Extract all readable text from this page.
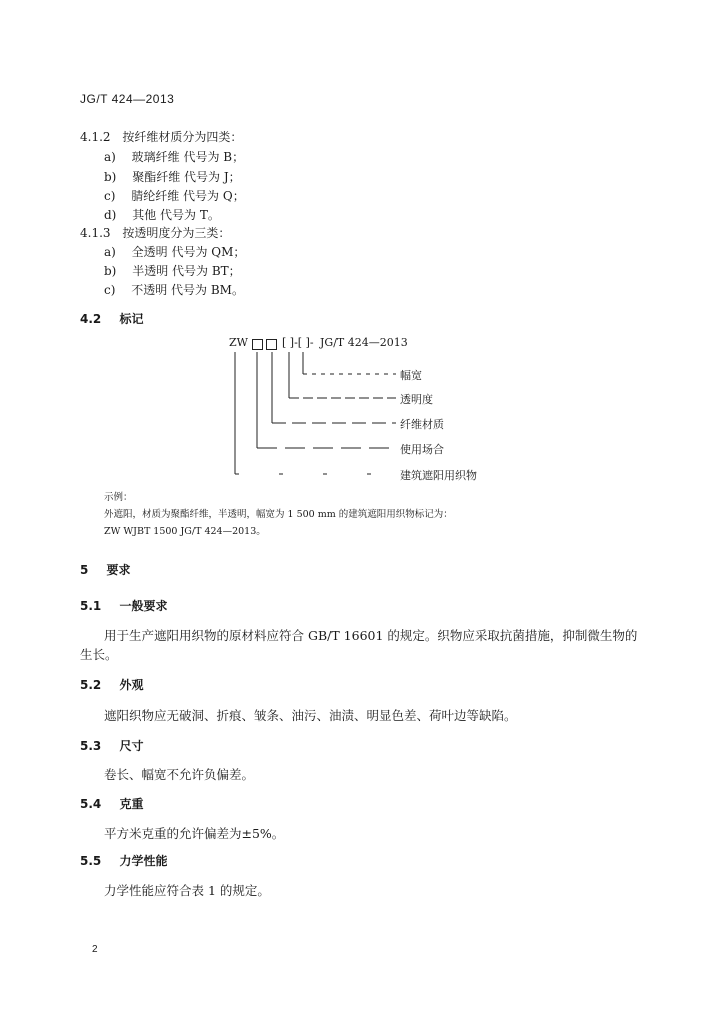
JG/T 424—2013
4.1.2 按纤维材质分为四类：
a) 玻璃纤维 代号为 B；
b) 聚酯纤维 代号为 J；
c) 腈纶纤维 代号为 Q；
d) 其他 代号为 T。
4.1.3 按透明度分为三类：
a) 全透明 代号为 QM；
b) 半透明 代号为 BT；
c) 不透明 代号为 BM。
4.2 标记
ZW	[ ]-[ ]- JG/T 424—2013
幅宽
透明度
纤维材质
使用场合
建筑遮阳用织物
示例：
外遮阳，材质为聚酯纤维，半透明，幅宽为 1 500 mm 的建筑遮阳用织物标记为：
ZW WJBT 1500 JG/T 424—2013。
5 要求
5.1 一般要求
用于生产遮阳用织物的原材料应符合 GB/T 16601 的规定。织物应采取抗菌措施，抑制微生物的
生长。
5.2 外观
遮阳织物应无破洞、折痕、皱条、油污、油渍、明显色差、荷叶边等缺陷。
5.3 尺寸
卷长、幅宽不允许负偏差。
5.4 克重
平方米克重的允许偏差为±5%。
5.5 力学性能
力学性能应符合表 1 的规定。
2
